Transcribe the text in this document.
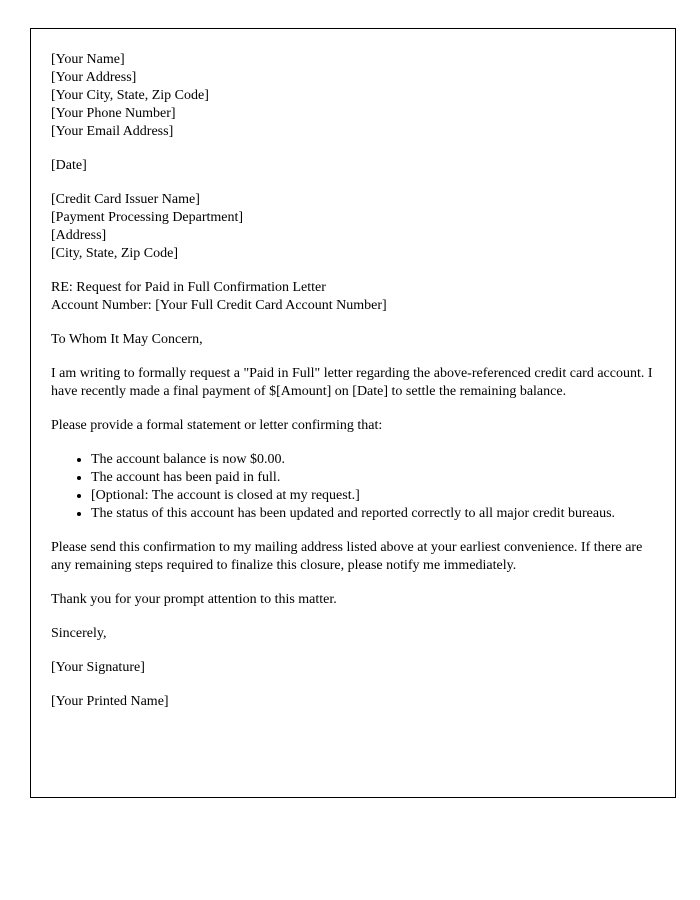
[Your Name]
[Your Address]
[Your City, State, Zip Code]
[Your Phone Number]
[Your Email Address]
[Date]
[Credit Card Issuer Name]
[Payment Processing Department]
[Address]
[City, State, Zip Code]
RE: Request for Paid in Full Confirmation Letter
Account Number: [Your Full Credit Card Account Number]
To Whom It May Concern,
I am writing to formally request a "Paid in Full" letter regarding the above-referenced credit card account. I have recently made a final payment of $[Amount] on [Date] to settle the remaining balance.
Please provide a formal statement or letter confirming that:
• The account balance is now $0.00.
• The account has been paid in full.
• [Optional: The account is closed at my request.]
• The status of this account has been updated and reported correctly to all major credit bureaus.
Please send this confirmation to my mailing address listed above at your earliest convenience. If there are any remaining steps required to finalize this closure, please notify me immediately.
Thank you for your prompt attention to this matter.
Sincerely,
[Your Signature]
[Your Printed Name]
